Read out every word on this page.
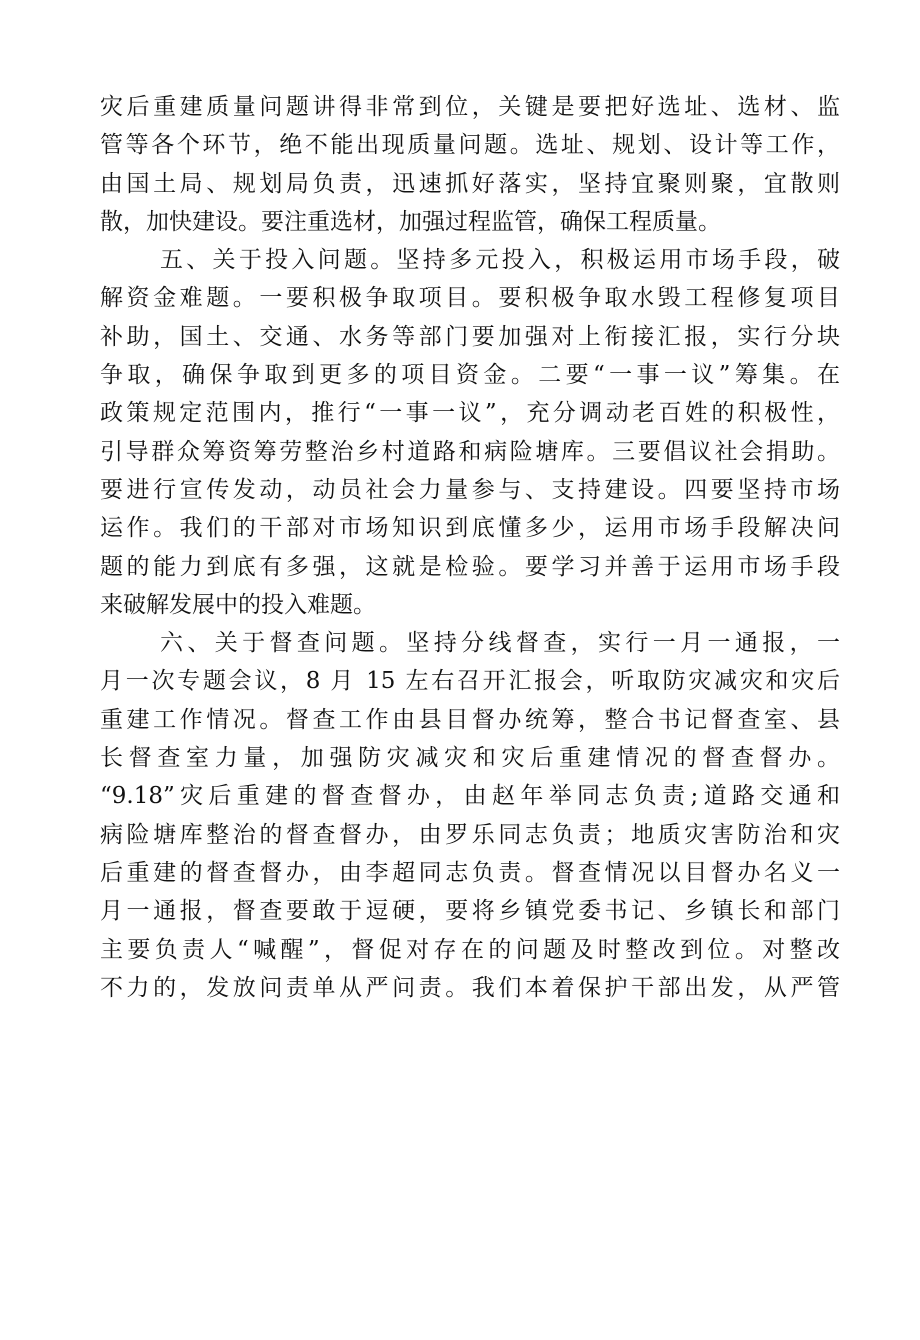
灾后重建质量问题讲得非常到位，关键是要把好选址、选材、监
管等各个环节，绝不能出现质量问题。选址、规划、设计等工作，
由国土局、规划局负责，迅速抓好落实，坚持宜聚则聚，宜散则
散，加快建设。要注重选材，加强过程监管，确保工程质量。
五、关于投入问题。坚持多元投入，积极运用市场手段，破
解资金难题。一要积极争取项目。要积极争取水毁工程修复项目
补助，国土、交通、水务等部门要加强对上衔接汇报，实行分块
争取，确保争取到更多的项目资金。二要“一事一议”筹集。在
政策规定范围内，推行“一事一议”，充分调动老百姓的积极性，
引导群众筹资筹劳整治乡村道路和病险塘库。三要倡议社会捐助。
要进行宣传发动，动员社会力量参与、支持建设。四要坚持市场
运作。我们的干部对市场知识到底懂多少，运用市场手段解决问
题的能力到底有多强，这就是检验。要学习并善于运用市场手段
来破解发展中的投入难题。
六、关于督查问题。坚持分线督查，实行一月一通报，一
月一次专题会议，8 月 15 左右召开汇报会，听取防灾减灾和灾后
重建工作情况。督查工作由县目督办统筹，整合书记督查室、县
长督查室力量，加强防灾减灾和灾后重建情况的督查督办。
“9.18”灾后重建的督查督办，由赵年举同志负责;道路交通和
病险塘库整治的督查督办，由罗乐同志负责；地质灾害防治和灾
后重建的督查督办，由李超同志负责。督查情况以目督办名义一
月一通报，督查要敢于逗硬，要将乡镇党委书记、乡镇长和部门
主要负责人“喊醒”，督促对存在的问题及时整改到位。对整改
不力的，发放问责单从严问责。我们本着保护干部出发，从严管
